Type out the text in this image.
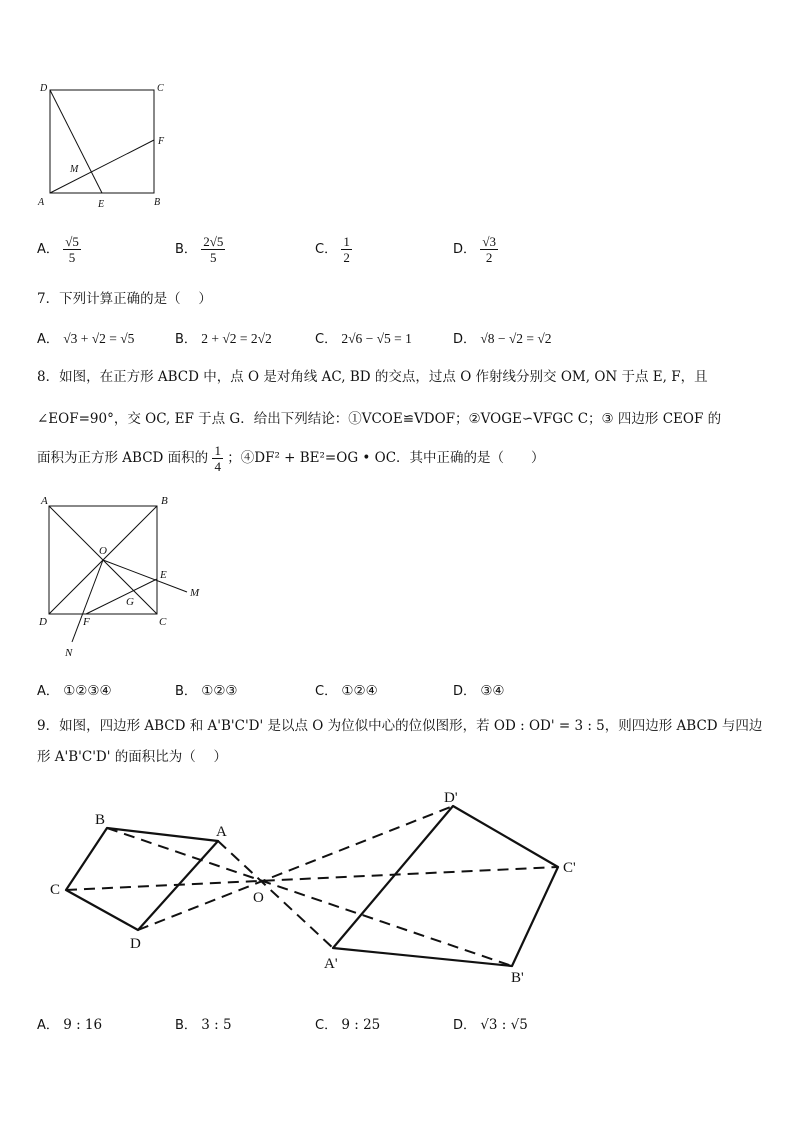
D	C
F
M
A	E	B
A． $\frac{√5}{5}$	B． $\frac{2√5}{5}$	C． $\frac{1}{2}$	D． $\frac{√3}{2}$
7．下列计算正确的是（　 ）
A． √3 + √2 = √5	B． 2 + √2 = 2√2	C． 2√6 − √5 = 1	D． √8 − √2 = √2
8．如图，在正方形 ABCD 中，点 O 是对角线 AC, BD 的交点，过点 O 作射线分别交 OM, ON 于点 E, F，且
∠EOF=90°，交 OC, EF 于点 G．给出下列结论：①VCOE≌VDOF；②VOGE∽VFGC C；③ 四边形 CEOF 的
面积为正方形 ABCD 面积的 $\frac{1}{4}$ ；④DF² + BE²=OG • OC．其中正确的是（　　）
A	B
O
E
M
G
D	F	C
N
A． ①②③④	B． ①②③	C． ①②④	D． ③④
9．如图，四边形 ABCD 和 A'B'C'D' 是以点 O 为位似中心的位似图形，若 OD : OD' = 3 : 5，则四边形 ABCD 与四边
形 A'B'C'D' 的面积比为（　 ）
B
A
C
D
O
D'
C'
A'
B'
A． 9 : 16	B． 3 : 5	C． 9 : 25	D． √3 : √5
